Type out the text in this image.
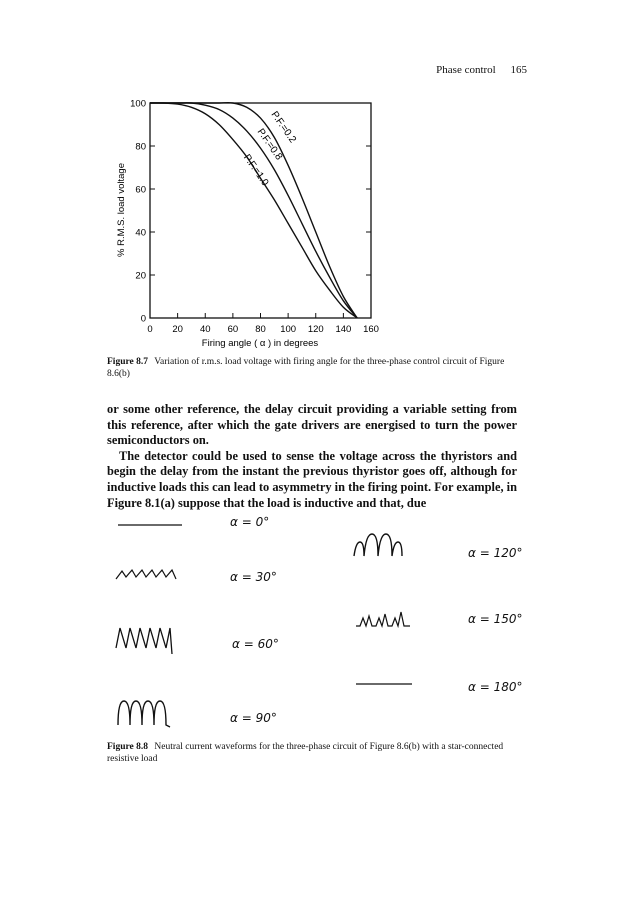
Phase control 165
0 20 40 60 80 100 120 140 160
0
20
40
60
80
100
P.F.=1.0
P.F.=0.8
P.F.=0.2
Firing angle ( α ) in degrees
% R.M.S. load voltage
Figure 8.7 Variation of r.m.s. load voltage with firing angle for the three-phase control circuit of Figure 8.6(b)

or some other reference, the delay circuit providing a variable setting from this reference, after which the gate drivers are energised to turn the power semiconductors on.

The detector could be used to sense the voltage across the thyristors and begin the delay from the instant the previous thyristor goes off, although for inductive loads this can lead to asymmetry in the firing point. For example, in Figure 8.1(a) suppose that the load is inductive and that, due

α = 0°
α = 30°
α = 60°
α = 90°
α = 120°
α = 150°
α = 180°
Figure 8.8 Neutral current waveforms for the three-phase circuit of Figure 8.6(b) with a star-connected resistive load
